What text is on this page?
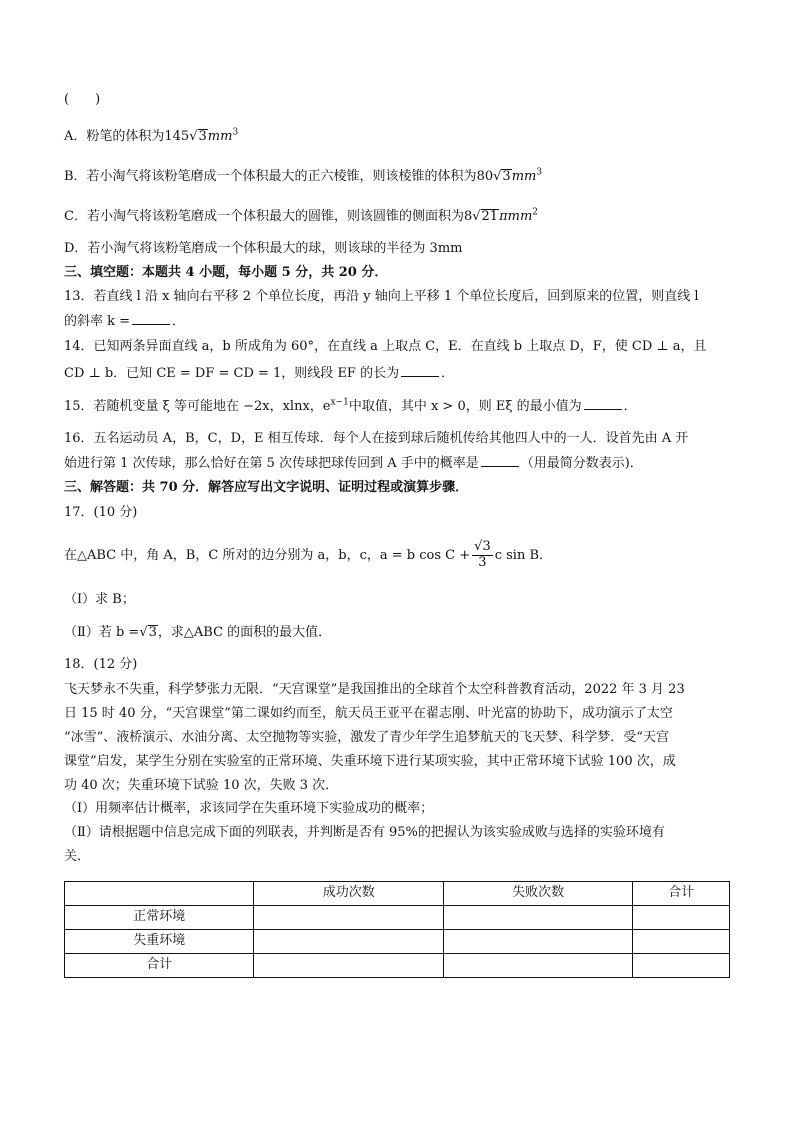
(　　)
A．粉笔的体积为$145√3mm^3$
B．若小淘气将该粉笔磨成一个体积最大的正六棱锥，则该棱锥的体积为$80√3mm^3$
C．若小淘气将该粉笔磨成一个体积最大的圆锥，则该圆锥的侧面积为8√21πmm$^2$
D．若小淘气将该粉笔磨成一个体积最大的球，则该球的半径为 3mm
三、填空题：本题共 4 小题，每小题 5 分，共 20 分．
13．若直线 l 沿 x 轴向右平移 2 个单位长度，再沿 y 轴向上平移 1 个单位长度后，回到原来的位置，则直线 l
的斜率 k =	．
14．已知两条异面直线 a，b 所成角为 60°，在直线 a 上取点 C，E．在直线 b 上取点 D，F，使 CD ⊥ a，且
CD ⊥ b．已知 CE = DF = CD = 1，则线段 EF 的长为	．
15．若随机变量 ξ 等可能地在 −2x，xlnx，$e^{x-1}$中取值，其中 x > 0，则 Eξ 的最小值为	．
16．五名运动员 A，B，C，D，E 相互传球．每个人在接到球后随机传给其他四人中的一人．设首先由 A 开
始进行第 1 次传球，那么恰好在第 5 次传球把球传回到 A 手中的概率是	（用最简分数表示)．
三、解答题：共 70 分．解答应写出文字说明、证明过程或演算步骤．
17．(10 分)
在△ABC 中，角 A，B，C 所对的边分别为 a，b，c，a = b $\cos C + \frac{√3}{3}$ c sin B．
（Ⅰ）求 B；
（Ⅱ）若 b =√3，求△ABC 的面积的最大值．
18．(12 分)
飞天梦永不失重，科学梦张力无限．“天宫课堂”是我国推出的全球首个太空科普教育活动，2022 年 3 月 23
日 15 时 40 分，“天宫课堂”第二课如约而至，航天员王亚平在翟志刚、叶光富的协助下，成功演示了太空
“冰雪”、液桥演示、水油分离、太空抛物等实验，激发了青少年学生追梦航天的飞天梦、科学梦．受“天宫
课堂”启发，某学生分别在实验室的正常环境、失重环境下进行某项实验，其中正常环境下试验 100 次，成
功 40 次；失重环境下试验 10 次，失败 3 次．
（Ⅰ）用频率估计概率，求该同学在失重环境下实验成功的概率；
（Ⅱ）请根据题中信息完成下面的列联表，并判断是否有 95%的把握认为该实验成败与选择的实验环境有
关．
	成功次数	失败次数	合计
正常环境			
失重环境			
合计			
